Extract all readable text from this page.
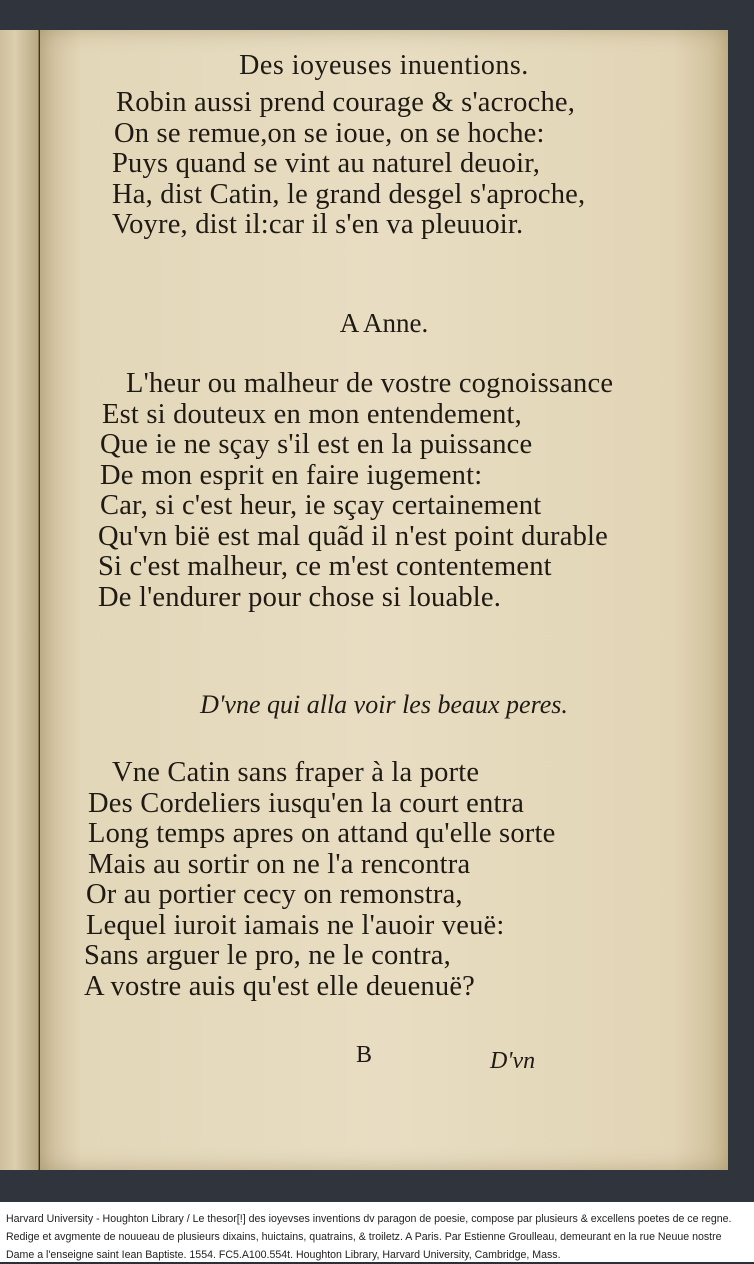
Des ioyeuses inuentions.
Robin aussi prend courage & s'acroche,
On se remue,on se ioue, on se hoche:
Puys quand se vint au naturel deuoir,
Ha, dist Catin, le grand desgel s'aproche,
Voyre, dist il:car il s'en va pleuuoir.
A Anne.
L'heur ou malheur de vostre cognoissance
Est si douteux en mon entendement,
Que ie ne sçay s'il est en la puissance
De mon esprit en faire iugement:
Car, si c'est heur, ie sçay certainement
Qu'vn bië est mal quãd il n'est point durable
Si c'est malheur, ce m'est contentement
De l'endurer pour chose si louable.
D'vne qui alla voir les beaux peres.
Vne Catin sans fraper à la porte
Des Cordeliers iusqu'en la court entra
Long temps apres on attand qu'elle sorte
Mais au sortir on ne l'a rencontra
Or au portier cecy on remonstra,
Lequel iuroit iamais ne l'auoir veuë:
Sans arguer le pro, ne le contra,
A vostre auis qu'est elle deuenuë?
B	D'vn
Harvard University - Houghton Library / Le thesor[!] des ioyevses inventions dv paragon de poesie, compose par plusieurs & excellens poetes de ce regne. Redige et avgmente de nouueau de plusieurs dixains, huictains, quatrains, & troiletz. A Paris. Par Estienne Groulleau, demeurant en la rue Neuue nostre Dame a l'enseigne saint Iean Baptiste. 1554. FC5.A100.554t. Houghton Library, Harvard University, Cambridge, Mass.
